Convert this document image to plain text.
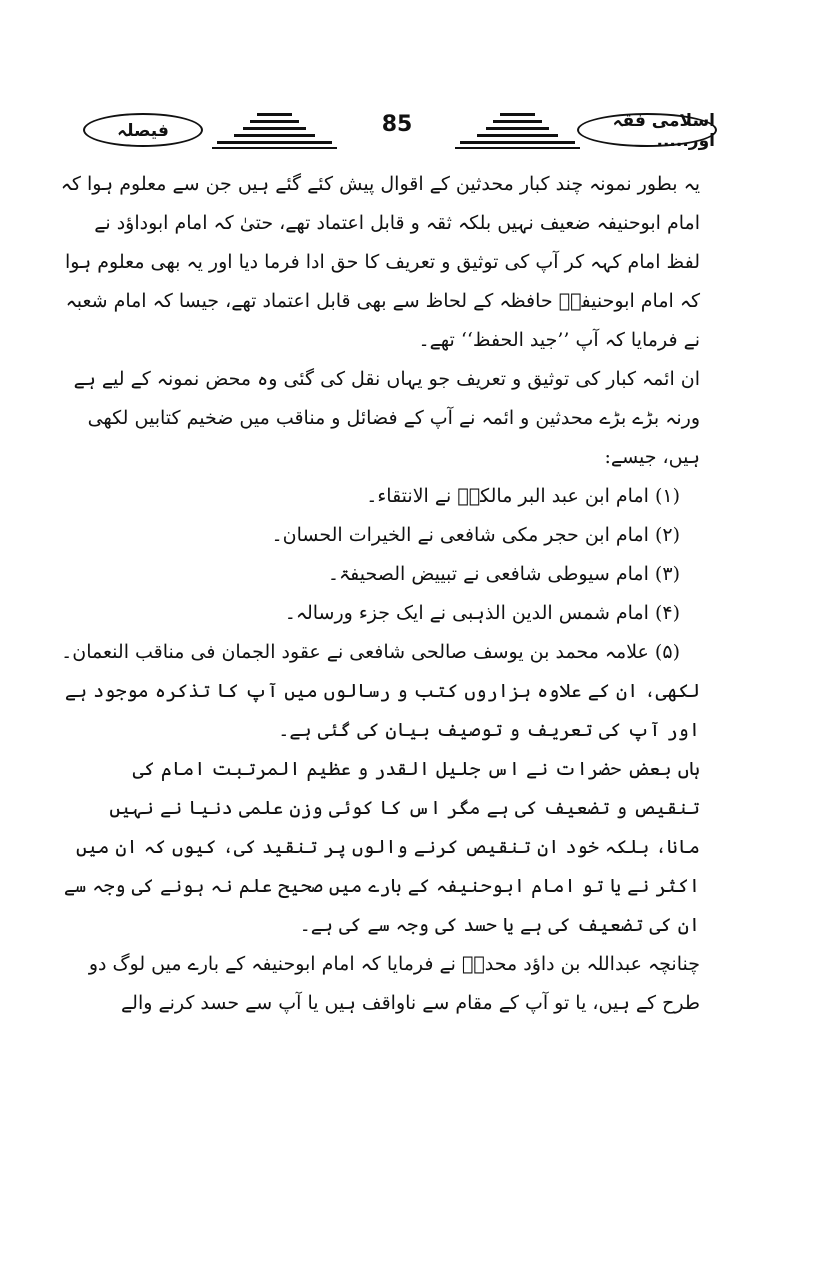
فیصلہ	85	اسلامی فقہ اور.....

یہ بطور نمونہ چند کبار محدثین کے اقوال پیش کئے گئے ہیں جن سے معلوم ہوا کہ امام ابوحنیفہ ضعیف نہیں بلکہ ثقہ و قابل اعتماد تھے، حتیٰ کہ امام ابوداؤد نے لفظ امام کہہ کر آپ کی توثیق و تعریف کا حق ادا فرما دیا اور یہ بھی معلوم ہوا کہ امام ابوحنیفہؒ حافظہ کے لحاظ سے بھی قابل اعتماد تھے، جیسا کہ امام شعبہ نے فرمایا کہ آپ ’’جید الحفظ‘‘ تھے۔

ان ائمہ کبار کی توثیق و تعریف جو یہاں نقل کی گئی وہ محض نمونہ کے لیے ہے ورنہ بڑے بڑے محدثین و ائمہ نے آپ کے فضائل و مناقب میں ضخیم کتابیں لکھی ہیں، جیسے:

(۱) امام ابن عبد البر مالکیؒ نے الانتقاء۔

(۲) امام ابن حجر مکی شافعی نے الخیرات الحسان۔

(۳) امام سیوطی شافعی نے تبییض الصحیفۃ۔

(۴) امام شمس الدین الذہبی نے ایک جزء ورسالہ۔

(۵) علامہ محمد بن یوسف صالحی شافعی نے عقود الجمان فی مناقب النعمان۔

لکھی، ان کے علاوہ ہزاروں کتب و رسالوں میں آپ کا تذکرہ موجود ہے اور آپ کی تعریف و توصیف بیان کی گئی ہے۔

ہاں بعض حضرات نے اس جلیل القدر و عظیم المرتبت امام کی تنقیص و تضعیف کی ہے مگر اس کا کوئی وزن علمی دنیا نے نہیں مانا، بلکہ خود ان تنقیص کرنے والوں پر تنقید کی، کیوں کہ ان میں اکثر نے یا تو امام ابوحنیفہ کے بارے میں صحیح علم نہ ہونے کی وجہ سے ان کی تضعیف کی ہے یا حسد کی وجہ سے کی ہے۔

چنانچہ عبداللہ بن داؤد محدثؒ نے فرمایا کہ امام ابوحنیفہ کے بارے میں لوگ دو طرح کے ہیں، یا تو آپ کے مقام سے ناواقف ہیں یا آپ سے حسد کرنے والے
